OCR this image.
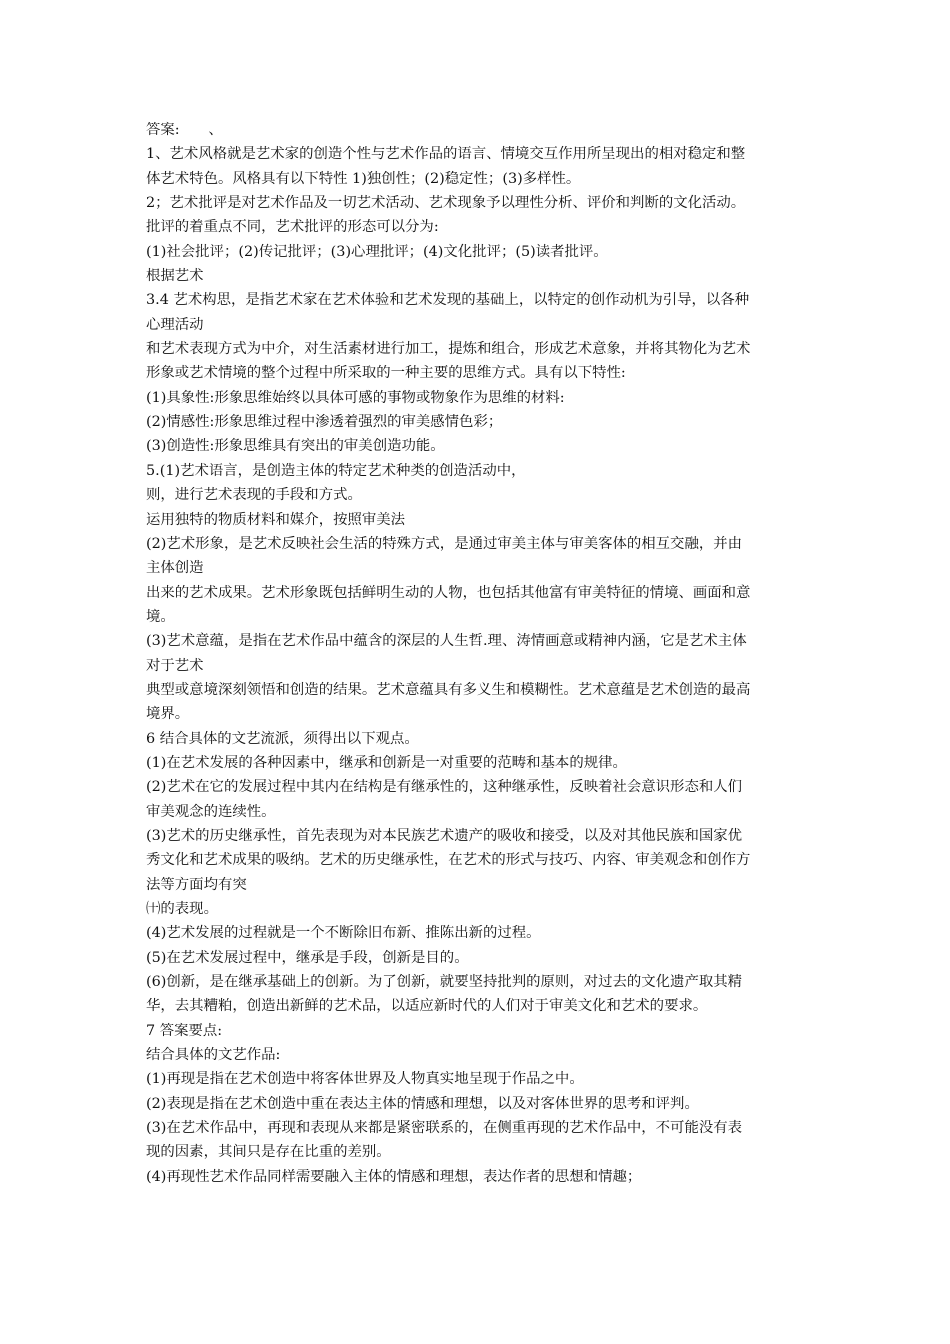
答案:　　、

1、艺术风格就是艺术家的创造个性与艺术作品的语言、情境交互作用所呈现出的相对稳定和整

体艺术特色。风格具有以下特性 1)独创性；(2)稳定性；(3)多样性。

2；艺术批评是对艺术作品及一切艺术活动、艺术现象予以理性分析、评价和判断的文化活动。

批评的着重点不同，艺术批评的形态可以分为:

(1)社会批评；(2)传记批评；(3)心理批评；(4)文化批评；(5)读者批评。

根据艺术

3.4 艺术构思，是指艺术家在艺术体验和艺术发现的基础上，以特定的创作动机为引导，以各种

心理活动

和艺术表现方式为中介，对生活素材进行加工，提炼和组合，形成艺术意象，并将其物化为艺术

形象或艺术情境的整个过程中所采取的一种主要的思维方式。具有以下特性:

(1)具象性:形象思维始终以具体可感的事物或物象作为思维的材料:

(2)情感性:形象思维过程中渗透着强烈的审美感情色彩；

(3)创造性:形象思维具有突出的审美创造功能。

5.(1)艺术语言，是创造主体的特定艺术种类的创造活动中，

则，进行艺术表现的手段和方式。

运用独特的物质材料和媒介，按照审美法

(2)艺术形象，是艺术反映社会生活的特殊方式，是通过审美主体与审美客体的相互交融，并由

主体创造

出来的艺术成果。艺术形象既包括鲜明生动的人物，也包括其他富有审美特征的情境、画面和意

境。

(3)艺术意蕴，是指在艺术作品中蕴含的深层的人生哲.理、涛情画意或精神内涵，它是艺术主体

对于艺术

典型或意境深刻领悟和创造的结果。艺术意蕴具有多义生和模糊性。艺术意蕴是艺术创造的最高

境界。

6 结合具体的文艺流派，须得出以下观点。

(1)在艺术发展的各种因素中，继承和创新是一对重要的范畴和基本的规律。

(2)艺术在它的发展过程中其内在结构是有继承性的，这种继承性，反映着社会意识形态和人们

审美观念的连续性。

(3)艺术的历史继承性，首先表现为对本民族艺术遗产的吸收和接受，以及对其他民族和国家优

秀文化和艺术成果的吸纳。艺术的历史继承性，在艺术的形式与技巧、内容、审美观念和创作方

法等方面均有突

㈩的表现。

(4)艺术发展的过程就是一个不断除旧布新、推陈出新的过程。

(5)在艺术发展过程中，继承是手段，创新是目的。

(6)创新，是在继承基础上的创新。为了创新，就要坚持批判的原则，对过去的文化遗产取其精

华，去其糟粕，创造出新鲜的艺术品，以适应新时代的人们对于审美文化和艺术的要求。

7 答案要点:

结合具体的文艺作品:

(1)再现是指在艺术创造中将客体世界及人物真实地呈现于作品之中。

(2)表现是指在艺术创造中重在表达主体的情感和理想，以及对客体世界的思考和评判。

(3)在艺术作品中，再现和表现从来都是紧密联系的，在侧重再现的艺术作品中，不可能没有表

现的因素，其间只是存在比重的差别。

(4)再现性艺术作品同样需要融入主体的情感和理想，表达作者的思想和情趣；
